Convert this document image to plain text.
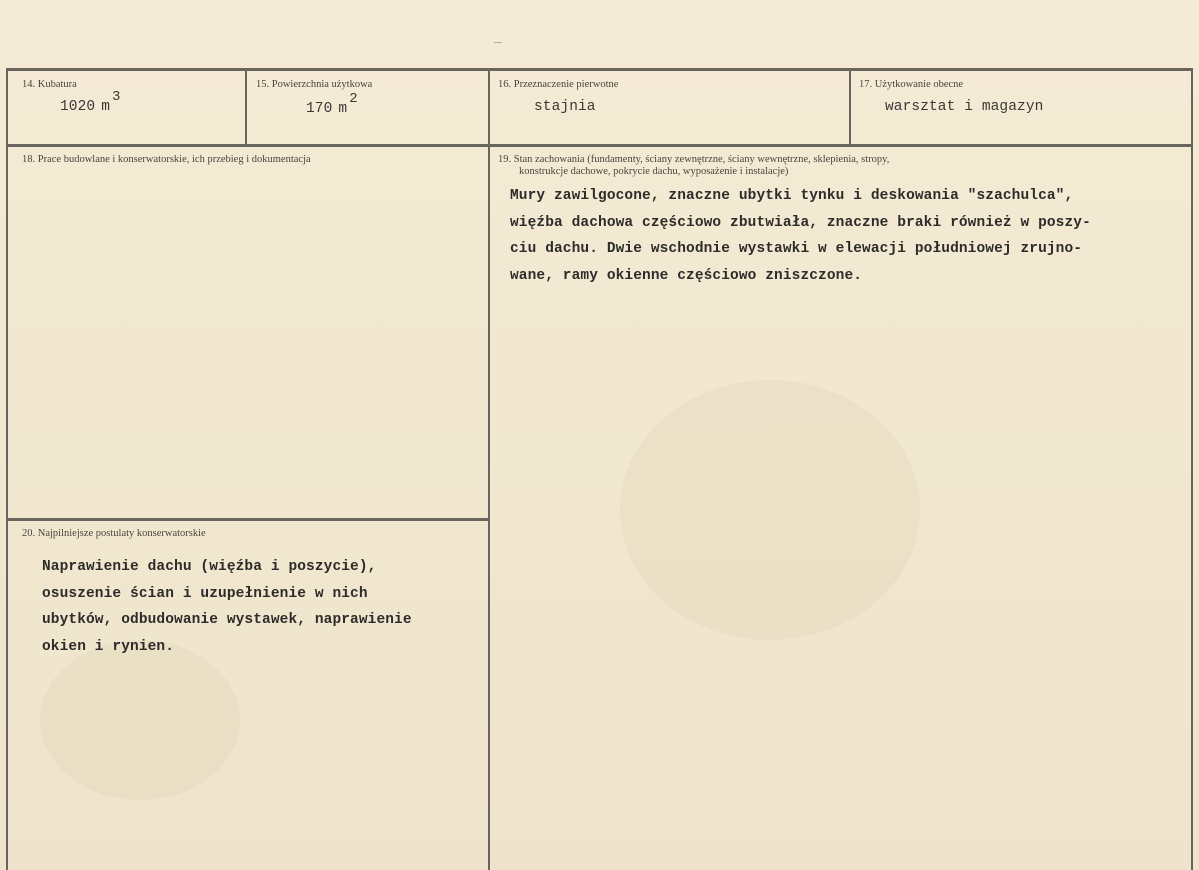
14. Kubatura
1020 m3
15. Powierzchnia użytkowa
170 m2
16. Przeznaczenie pierwotne
stajnia
17. Użytkowanie obecne
warsztat i magazyn
18. Prace budowlane i konserwatorskie, ich przebieg i dokumentacja	19. Stan zachowania (fundamenty, ściany zewnętrzne, ściany wewnętrzne, sklepienia, stropy,
konstrukcje dachowe, pokrycie dachu, wyposażenie i instalacje)
Mury zawilgocone, znaczne ubytki tynku i deskowania "szachulca",
więźba dachowa częściowo zbutwiała, znaczne braki również w poszy-
ciu dachu. Dwie wschodnie wystawki w elewacji południowej zrujno-
wane, ramy okienne częściowo zniszczone.
20. Najpilniejsze postulaty konserwatorskie
Naprawienie dachu (więźba i poszycie),
osuszenie ścian i uzupełnienie w nich
ubytków, odbudowanie wystawek, naprawienie
okien i rynien.
